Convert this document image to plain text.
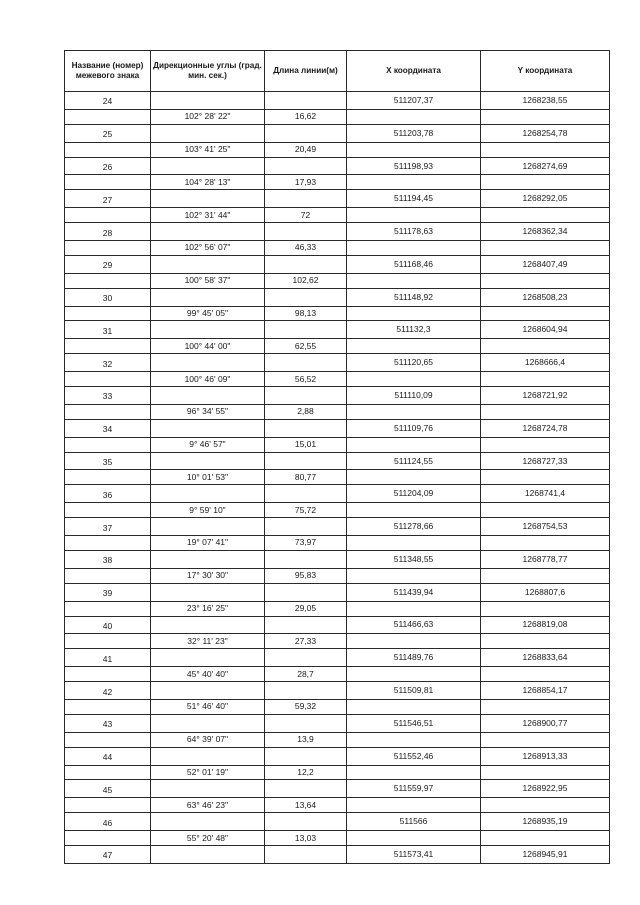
Название (номер) межевого знака	Дирекционные углы (град. мин. сек.)	Длина линии(м)	X координата	Y координата
24			511207,37	1268238,55
	102° 28' 22"	16,62		
25			511203,78	1268254,78
	103° 41' 25"	20,49		
26			511198,93	1268274,69
	104° 28' 13"	17,93		
27			511194,45	1268292,05
	102° 31' 44"	72		
28			511178,63	1268362,34
	102° 56' 07"	46,33		
29			511168,46	1268407,49
	100° 58' 37"	102,62		
30			511148,92	1268508,23
	99° 45' 05"	98,13		
31			511132,3	1268604,94
	100° 44' 00"	62,55		
32			511120,65	1268666,4
	100° 46' 09"	56,52		
33			511110,09	1268721,92
	96° 34' 55"	2,88		
34			511109,76	1268724,78
	9° 46' 57"	15,01		
35			511124,55	1268727,33
	10° 01' 53"	80,77		
36			511204,09	1268741,4
	9° 59' 10"	75,72		
37			511278,66	1268754,53
	19° 07' 41"	73,97		
38			511348,55	1268778,77
	17° 30' 30"	95,83		
39			511439,94	1268807,6
	23° 16' 25"	29,05		
40			511466,63	1268819,08
	32° 11' 23"	27,33		
41			511489,76	1268833,64
	45° 40' 40"	28,7		
42			511509,81	1268854,17
	51° 46' 40"	59,32		
43			511546,51	1268900,77
	64° 39' 07"	13,9		
44			511552,46	1268913,33
	52° 01' 19"	12,2		
45			511559,97	1268922,95
	63° 46' 23"	13,64		
46			511566	1268935,19
	55° 20' 48"	13,03		
47			511573,41	1268945,91
